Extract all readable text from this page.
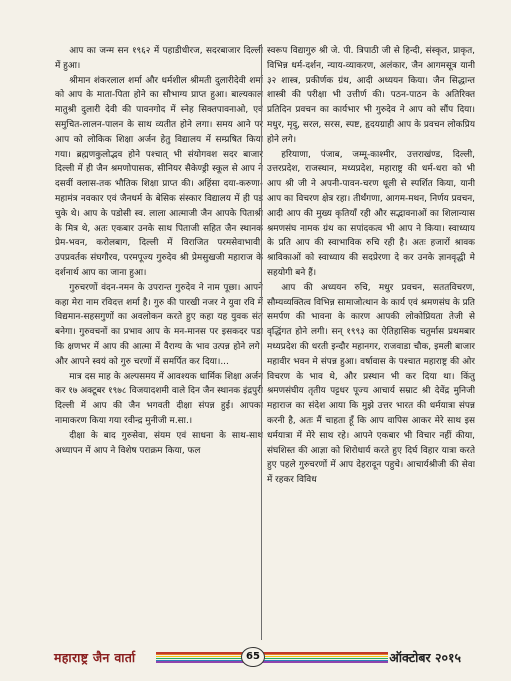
आप का जन्म सन १९६२ में पहाडीधीरज, सदरबाजार दिल्ली में हुआ।

श्रीमान शंकरलाल शर्मा और धर्मशील श्रीमती दुलारीदेवी शर्मा को आप के माता-पिता होने का सौभाग्य प्राप्त हुआ। बाल्यकाल मातुश्री दुलारी देवी की पावनगोद में स्नेह सिक्तपावनाओ, एवं समुचित-लालन-पालन के साथ व्यतीत होने लगा। समय आने पर आप को लोकिक शिक्षा अर्जन हेतु विद्यालय में सम्प्रषित किया गया। ब्रह्मणकुलोद्भव होने पश्चात् भी संयोगवश सदर बाजार दिल्ली में ही जैन श्रमणोपासक, सीनियर सैकेण्ड्री स्कूल से आप ने दसवीं क्लास-तक भौतिक शिक्षा प्राप्त की। अहिंसा दया-करुणा-महामंत्र नवकार एवं जैनधर्म के बेसिक संस्कार विद्यालय में ही पड चुके थे। आप के पडोसी स्व. लाला आत्माजी जैन आपके पिताश्री के मित्र थे, अतः एकबार उनके साथ पिताजी सहित जैन स्थानक प्रेम-भवन, करोलबाग, दिल्ली में विराजित परमसेवाभावी, उपप्रवर्तक संघगौरव, परमपूज्य गुरुदेव श्री प्रेमसुखजी महाराज के दर्शनार्थ आप का जाना हुआ।

गुरुचरणों वंदन-नमन के उपरान्त गुरुदेव ने नाम पूछा। आपने कहा मेरा नाम रविदत्त शर्मा है। गुरु की पारखी नजर ने युवा रवि में विद्यमान-सहसगुणों का अवलोकन करते हुए कहा यह युवक संत बनेगा। गुरुवचनों का प्रभाव आप के मन-मानस पर इसकदर पडा कि क्षणभर में आप की आत्मा में वैराग्य के भाव उत्पन्न होने लगे। और आपने स्वयं को गुरु चरणों में समर्पित कर दिया।...

मात्र दस माह के अल्पसमय में आवश्यक धार्मिक शिक्षा अर्जन कर १७ अक्टूबर १९७८ विजयादशमी वाले दिन जैन स्थानक इंद्रपुरी दिल्ली में आप की जैन भगवती दीक्षा संपन्न हुई। आपका नामाकरण किया गया रवीन्द्र मुनीजी म.सा.।

दीक्षा के बाद गुरुसेवा, संयम एवं साधना के साथ-साथ अध्यापन में आप ने विशेष पराक्रम किया, फल

स्वरूप विद्यागुरु श्री जे. पी. त्रिपाठी जी से हिन्दी, संस्कृत, प्राकृत, विभिन्न धर्म-दर्शन, न्याय-व्याकरण, अलंकार, जैन आगमसूत्र यानी ३२ शास्त्र, प्रकीर्णक ग्रंथ, आदी अध्ययन किया। जैन सिद्धान्त शास्त्री की परीक्षा भी उत्तीर्ण की। पठन-पाठन के अतिरिक्त प्रतिदिन प्रवचन का कार्यभार भी गुरुदेव ने आप को सौंप दिया। मधुर, मृदु, सरल, सरस, स्पष्ट, हृदयग्राही आप के प्रवचन लोकप्रिय होने लगे।

हरियाणा, पंजाब, जम्मू-काश्मीर, उत्तराखंण्ड, दिल्ली, उत्तरप्रदेश, राजस्थान, मध्यप्रदेश, महाराष्ट्र की धर्म-धरा को भी आप श्री जी ने अपनी-पावन-चरण धूली से स्पर्शित किया, यानी आप का विचरण क्षेत्र रहा। तीर्थंगणा, आगम-मथन, निर्णय प्रवचन, आदी आप की मुख्य कृतियाँ रही और सद्भावनाओं का शिलान्यास श्रमणसंघ नामक ग्रंथ का सपांदकत्व भी आप ने किया। स्वाध्याय के प्रति आप की स्वाभाविक रुचि रही है। अतः हजारों श्रावक श्राविकाओं को स्वाध्याय की सदप्रेरणा दे कर उनके ज्ञानवृद्धी मे सहयोगी बने हैं।

आप की अध्ययन रुचि, मधुर प्रवचन, सततविचरण, सौम्यव्यक्तित्व विभिन्न सामाजोत्थान के कार्य एवं श्रमणसंघ के प्रति समर्पण की भावना के कारण आपकी लोकोप्रियता तेजी से वृद्धिंगत होने लगी। सन् १९९३ का ऐतिहासिक चतुर्मास प्रथमबार मध्यप्रदेश की धरती इन्दौर महानगर, राजवाडा चौक, इमली बाजार महावीर भवन मे संपन्न हुआ। वर्षावास के पश्चात महाराष्ट्र की ओर विचरण के भाव थे, और प्रस्थान भी कर दिया था। किंतु श्रमणसंघीय तृतीय पट्टधर पूज्य आचार्य सम्राट श्री देवेंद्र मुनिजी महाराज का संदेश आया कि मुझे उत्तर भारत की धर्मयात्रा संपन्न करनी है, अतः मैं चाहता हूँ कि आप वापिस आकर मेरे साथ इस धर्मयात्रा में मेरे साथ रहे। आपने एकबार भी विचार नहीं कीया, संघशिस्त की आज्ञा को शिरोधार्य करते हुए दिर्घ विहार यात्रा करते हुए पहले गुरुचरणों में आप देहरादून पहुचे। आचार्यश्रीजी की सेवा में रहकर विविध

महाराष्ट्र जैन वार्ता	65	ऑक्टोबर २०१५
